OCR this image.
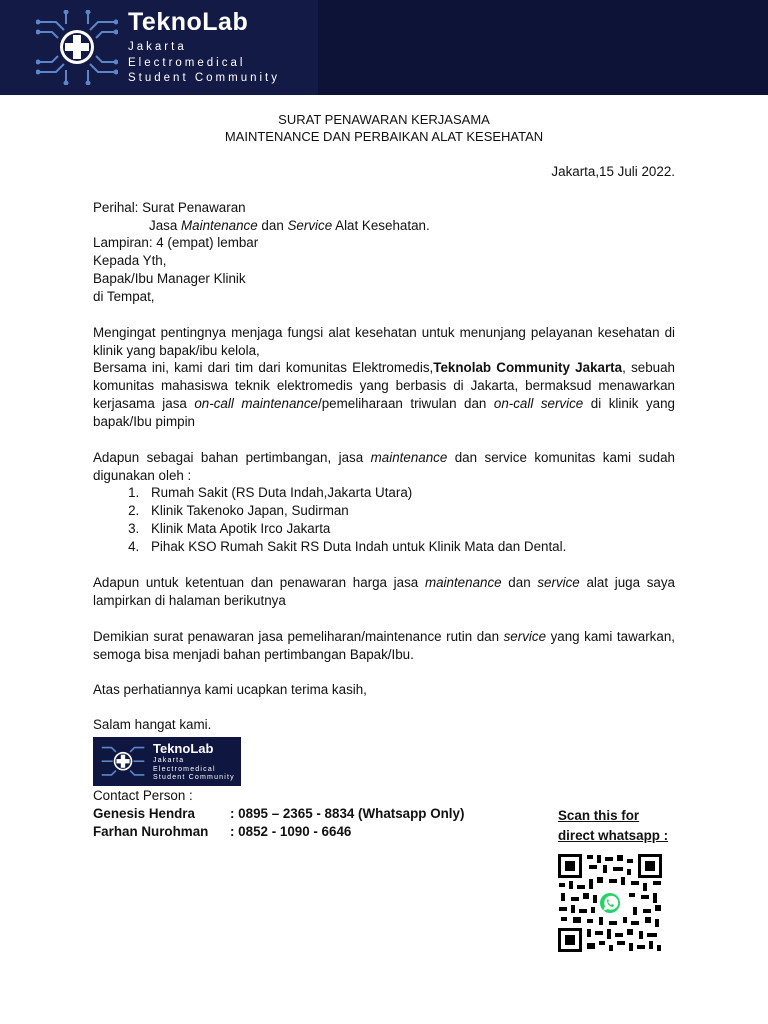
TeknoLab
Jakarta
Electromedical
Student Community
SURAT PENAWARAN KERJASAMA
MAINTENANCE DAN PERBAIKAN ALAT KESEHATAN
Jakarta,15 Juli 2022.
Perihal: Surat Penawaran
Jasa Maintenance dan Service Alat Kesehatan.
Lampiran: 4 (empat) lembar
Kepada Yth,
Bapak/Ibu Manager Klinik
di Tempat,
Mengingat pentingnya menjaga fungsi alat kesehatan untuk menunjang pelayanan kesehatan di klinik yang bapak/ibu kelola,
Bersama ini, kami dari tim dari komunitas Elektromedis,Teknolab Community Jakarta, sebuah komunitas mahasiswa teknik elektromedis yang berbasis di Jakarta, bermaksud menawarkan kerjasama jasa on-call maintenance/pemeliharaan triwulan dan on-call service di klinik yang bapak/Ibu pimpin
Adapun sebagai bahan pertimbangan, jasa maintenance dan service komunitas kami sudah digunakan oleh :
1. Rumah Sakit (RS Duta Indah,Jakarta Utara)
2. Klinik Takenoko Japan, Sudirman
3. Klinik Mata Apotik Irco Jakarta
4. Pihak KSO Rumah Sakit RS Duta Indah untuk Klinik Mata dan Dental.
Adapun untuk ketentuan dan penawaran harga jasa maintenance dan service alat juga saya lampirkan di halaman berikutnya
Demikian surat penawaran jasa pemeliharan/maintenance rutin dan service yang kami tawarkan, semoga bisa menjadi bahan pertimbangan Bapak/Ibu.
Atas perhatiannya kami ucapkan terima kasih,
Salam hangat kami.
TeknoLab
Jakarta
Electromedical
Student Community
Contact Person :
Genesis Hendra	: 0895 – 2365 - 8834 (Whatsapp Only)
Farhan Nurohman : 0852 - 1090 - 6646
Scan this for
direct whatsapp :
